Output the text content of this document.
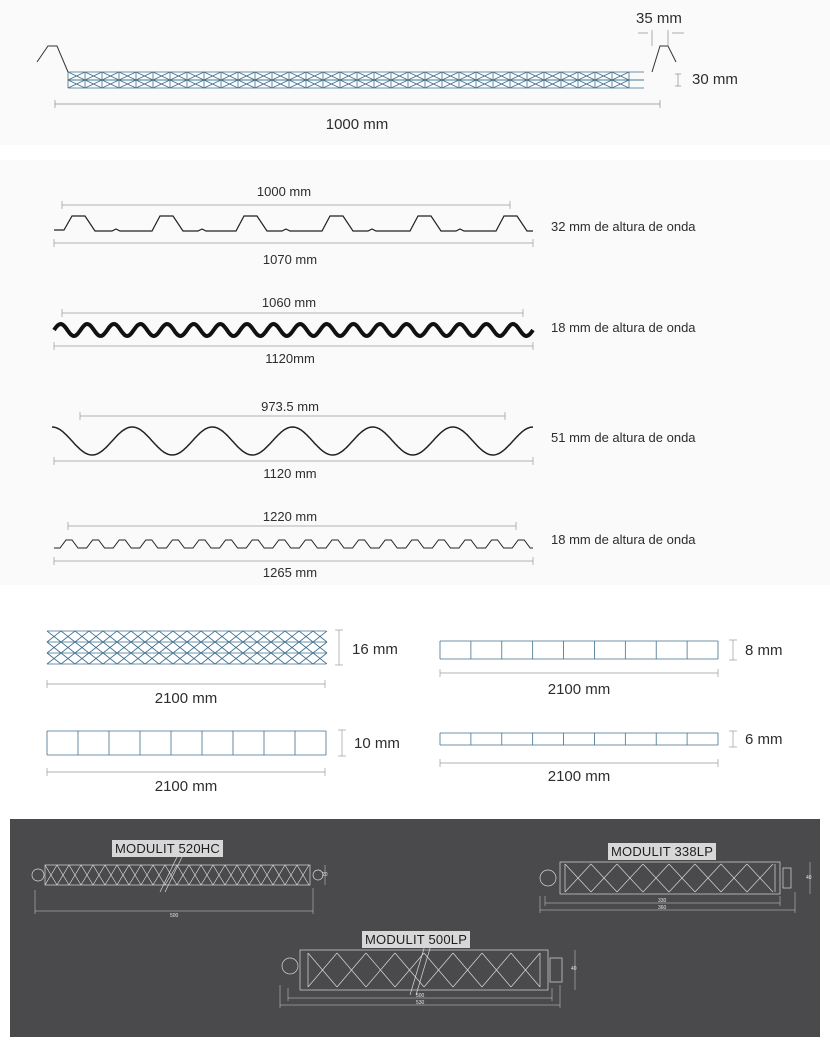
35 mm
30 mm
1000 mm
1000 mm
1070 mm
32 mm de altura de onda
1060 mm
1120mm
18 mm de altura de onda
973.5 mm
1120 mm
51 mm de altura de onda
1220 mm
1265 mm
18 mm de altura de onda
16 mm
2100 mm
8 mm
2100 mm
10 mm
2100 mm
6 mm
2100 mm
MODULIT 520HC	MODULIT 338LP
MODULIT 500LP
500
20
330
360
40
500
530
40
